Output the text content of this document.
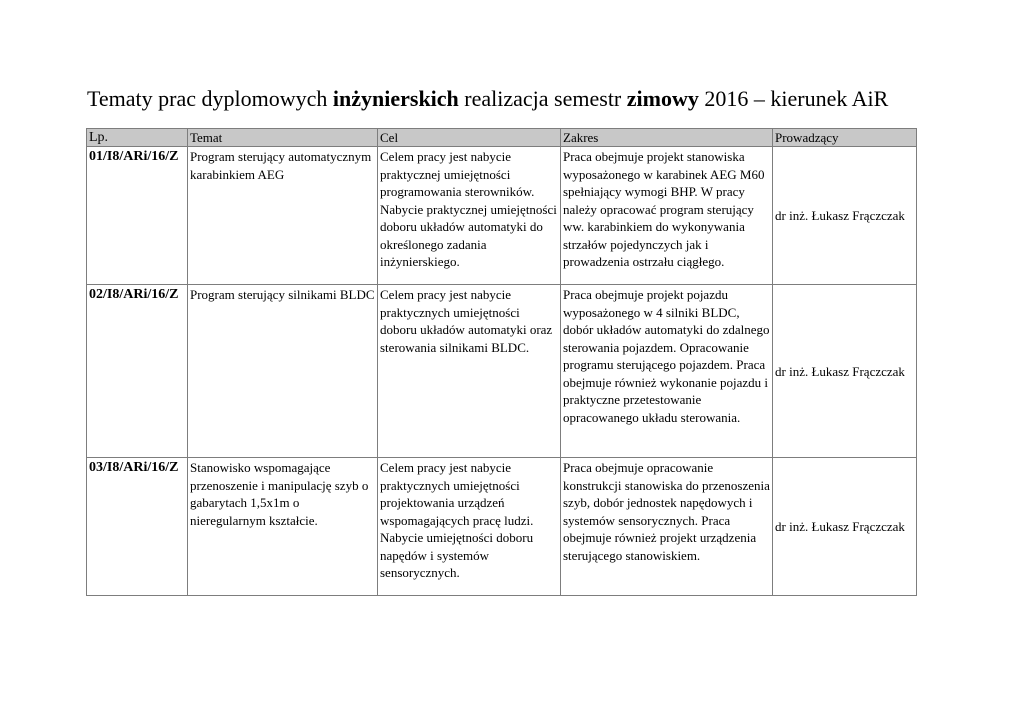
Tematy prac dyplomowych inżynierskich realizacja semestr zimowy 2016 – kierunek AiR
Lp.	Temat	Cel	Zakres	Prowadzący
01/I8/ARi/16/Z	Program sterujący automatycznym karabinkiem AEG	Celem pracy jest nabycie praktycznej umiejętności programowania sterowników. Nabycie praktycznej umiejętności doboru układów automatyki do określonego zadania inżynierskiego.	Praca obejmuje projekt stanowiska wyposażonego w karabinek AEG M60 spełniający wymogi BHP. W pracy należy opracować program sterujący ww. karabinkiem do wykonywania strzałów pojedynczych jak i prowadzenia ostrzału ciągłego.	dr inż. Łukasz Frączczak
02/I8/ARi/16/Z	Program sterujący silnikami BLDC	Celem pracy jest nabycie praktycznych umiejętności doboru układów automatyki oraz sterowania silnikami BLDC.	Praca obejmuje projekt pojazdu wyposażonego w 4 silniki BLDC, dobór układów automatyki do zdalnego sterowania pojazdem. Opracowanie programu sterującego pojazdem. Praca obejmuje również wykonanie pojazdu i praktyczne przetestowanie opracowanego układu sterowania.	dr inż. Łukasz Frączczak
03/I8/ARi/16/Z	Stanowisko wspomagające przenoszenie i manipulację szyb o gabarytach 1,5x1m o nieregularnym kształcie.	Celem pracy jest nabycie praktycznych umiejętności projektowania urządzeń wspomagających pracę ludzi. Nabycie umiejętności doboru napędów i systemów sensorycznych.	Praca obejmuje opracowanie konstrukcji stanowiska do przenoszenia szyb, dobór jednostek napędowych i systemów sensorycznych. Praca obejmuje również projekt urządzenia sterującego stanowiskiem.	dr inż. Łukasz Frączczak
